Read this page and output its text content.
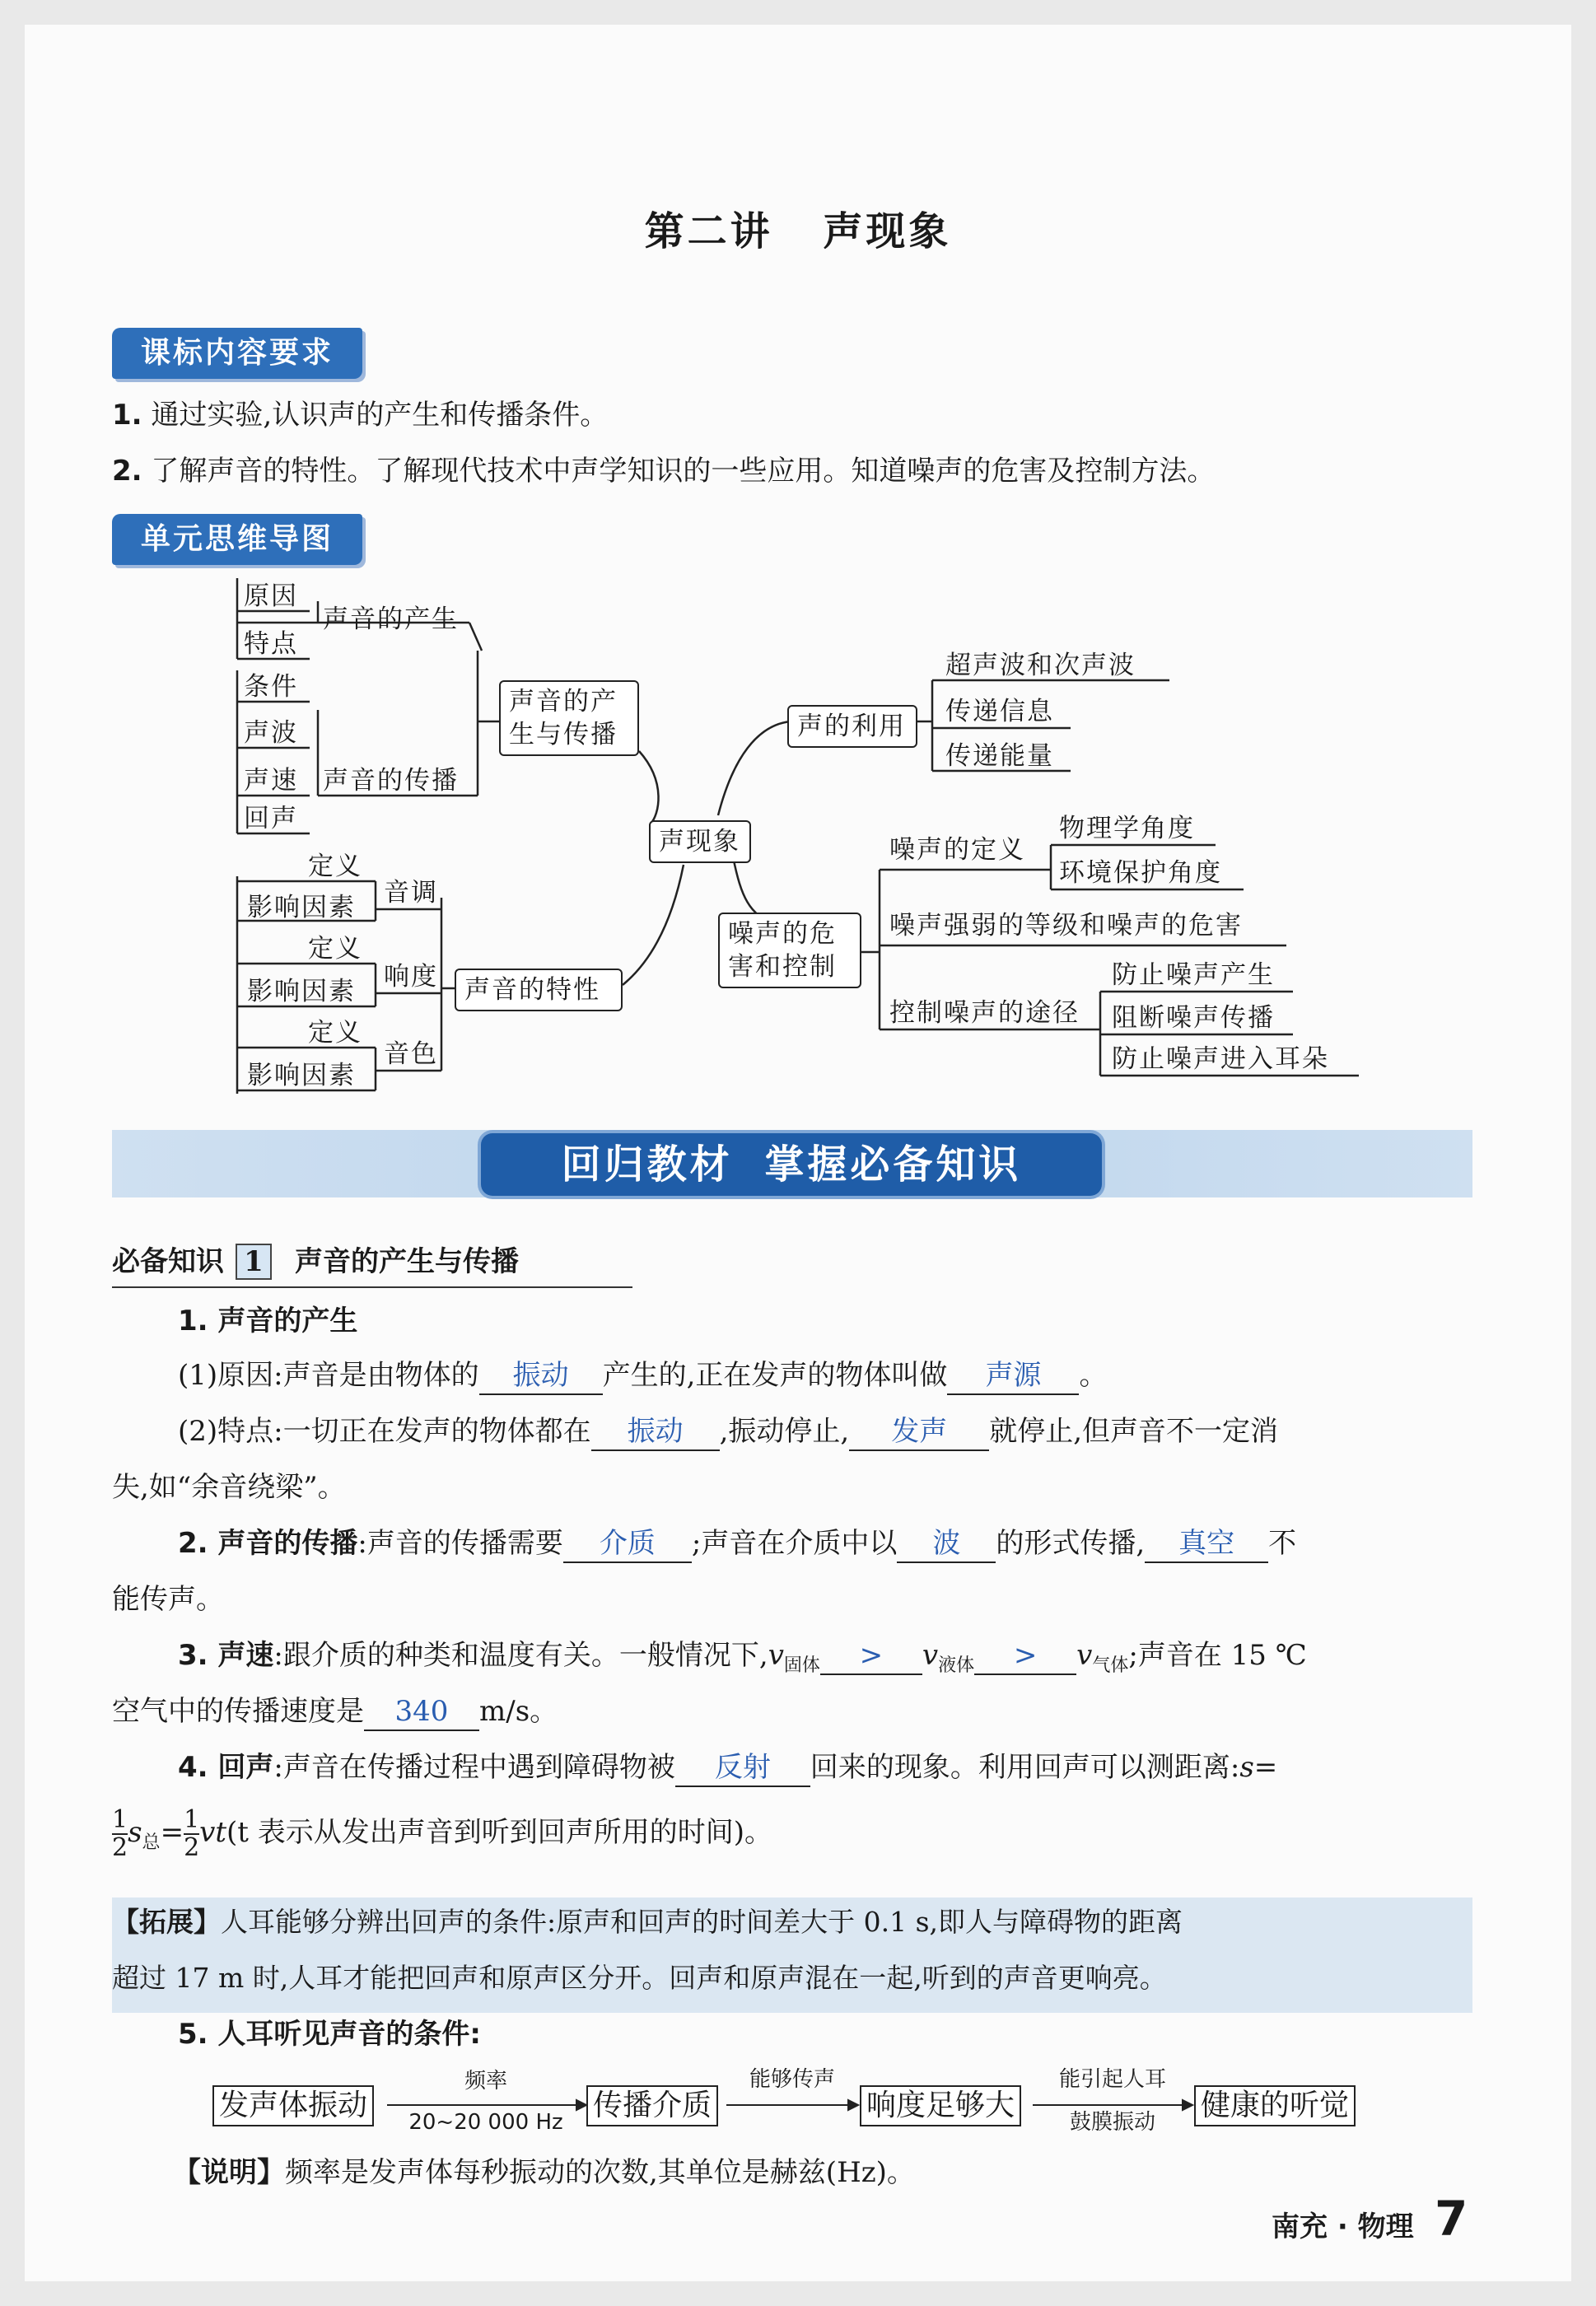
第二讲 声现象
课标内容要求
1. 通过实验,认识声的产生和传播条件。
2. 了解声音的特性。了解现代技术中声学知识的一些应用。知道噪声的危害及控制方法。
单元思维导图
原因
特点
声音的产生
条件
声波
声速
回声
声音的传播
声音的产
生与传播
声现象
声的利用
超声波和次声波
传递信息
传递能量
定义
影响因素 音调
定义
影响因素 响度
定义
影响因素
音色
声音的特性
噪声的危
害和控制
噪声的定义
物理学角度
环境保护角度
噪声强弱的等级和噪声的危害
控制噪声的途径
防止噪声产生
阻断噪声传播
防止噪声进入耳朵
回归教材 掌握必备知识
必备知识 1 声音的产生与传播
1. 声音的产生
(1)原因:声音是由物体的 振动 产生的,正在发声的物体叫做 声源 。
(2)特点:一切正在发声的物体都在 振动 ,振动停止, 发声 就停止,但声音不一定消
失,如“余音绕梁”。
2. 声音的传播:声音的传播需要 介质 ;声音在介质中以 波 的形式传播, 真空 不
能传声。
3. 声速:跟介质的种类和温度有关。一般情况下$,v_{固体} > v_{液体} > v_{气体}$;声音在 15 ℃
空气中的传播速度是 340 m/s。
4. 回声:声音在传播过程中遇到障碍物被 反射 回来的现象。利用回声可以测距离:s=
$\frac{1}{2} s_总= \frac{1}{2} vt(t$ 表示从发出声音到听到回声所用的时间)。
【拓展】人耳能够分辨出回声的条件:原声和回声的时间差大于 0.1 s,即人与障碍物的距离
超过 17 m 时,人耳才能把回声和原声区分开。回声和原声混在一起,听到的声音更响亮。
5. 人耳听见声音的条件:
发声体振动	传播介质	响度足够大	健康的听觉
频率
20~20 000 Hz
能够传声	能引起人耳
鼓膜振动
【说明】频率是发声体每秒振动的次数,其单位是赫兹(Hz)。
南充 · 物理 7
